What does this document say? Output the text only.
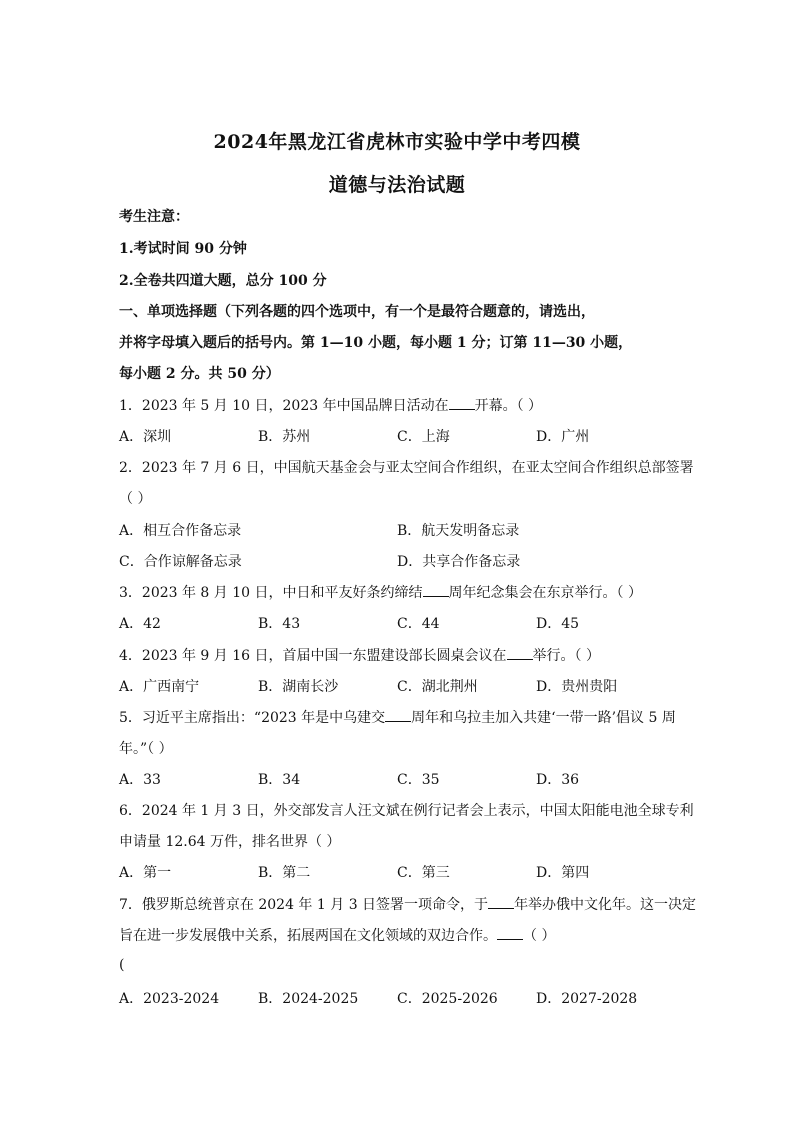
2024年黑龙江省虎林市实验中学中考四模
道德与法治试题
考生注意：
1.考试时间 90 分钟
2.全卷共四道大题，总分 100 分
一、单项选择题（下列各题的四个选项中，有一个是最符合题意的，请选出，
并将字母填入题后的括号内。第 1—10 小题，每小题 1 分；订第 11—30 小题，
每小题 2 分。共 50 分）
1．2023 年 5 月 10 日，2023 年中国品牌日活动在 开幕。（ ）
A．深圳	B．苏州	C．上海	D．广州
2．2023 年 7 月 6 日，中国航天基金会与亚太空间合作组织，在亚太空间合作组织总部签署
（ ）
A．相互合作备忘录	B．航天发明备忘录
C．合作谅解备忘录	D．共享合作备忘录
3．2023 年 8 月 10 日，中日和平友好条约缔结 周年纪念集会在东京举行。（ ）
A．42	B．43	C．44	D．45
4．2023 年 9 月 16 日，首届中国一东盟建设部长圆桌会议在 举行。（ ）
A．广西南宁	B．湖南长沙	C．湖北荆州	D．贵州贵阳
5．习近平主席指出：“2023 年是中乌建交 周年和乌拉圭加入共建‘一带一路’倡议 5 周
年。”（ ）
A．33	B．34	C．35	D．36
6．2024 年 1 月 3 日，外交部发言人汪文斌在例行记者会上表示，中国太阳能电池全球专利
申请量 12.64 万件，排名世界（ ）
A．第一	B．第二	C．第三	D．第四
7．俄罗斯总统普京在 2024 年 1 月 3 日签署一项命令，于 年举办俄中文化年。这一决定
旨在进一步发展俄中关系，拓展两国在文化领域的双边合作。 （ ）
(
A．2023-2024	B．2024-2025	C．2025-2026	D．2027-2028
